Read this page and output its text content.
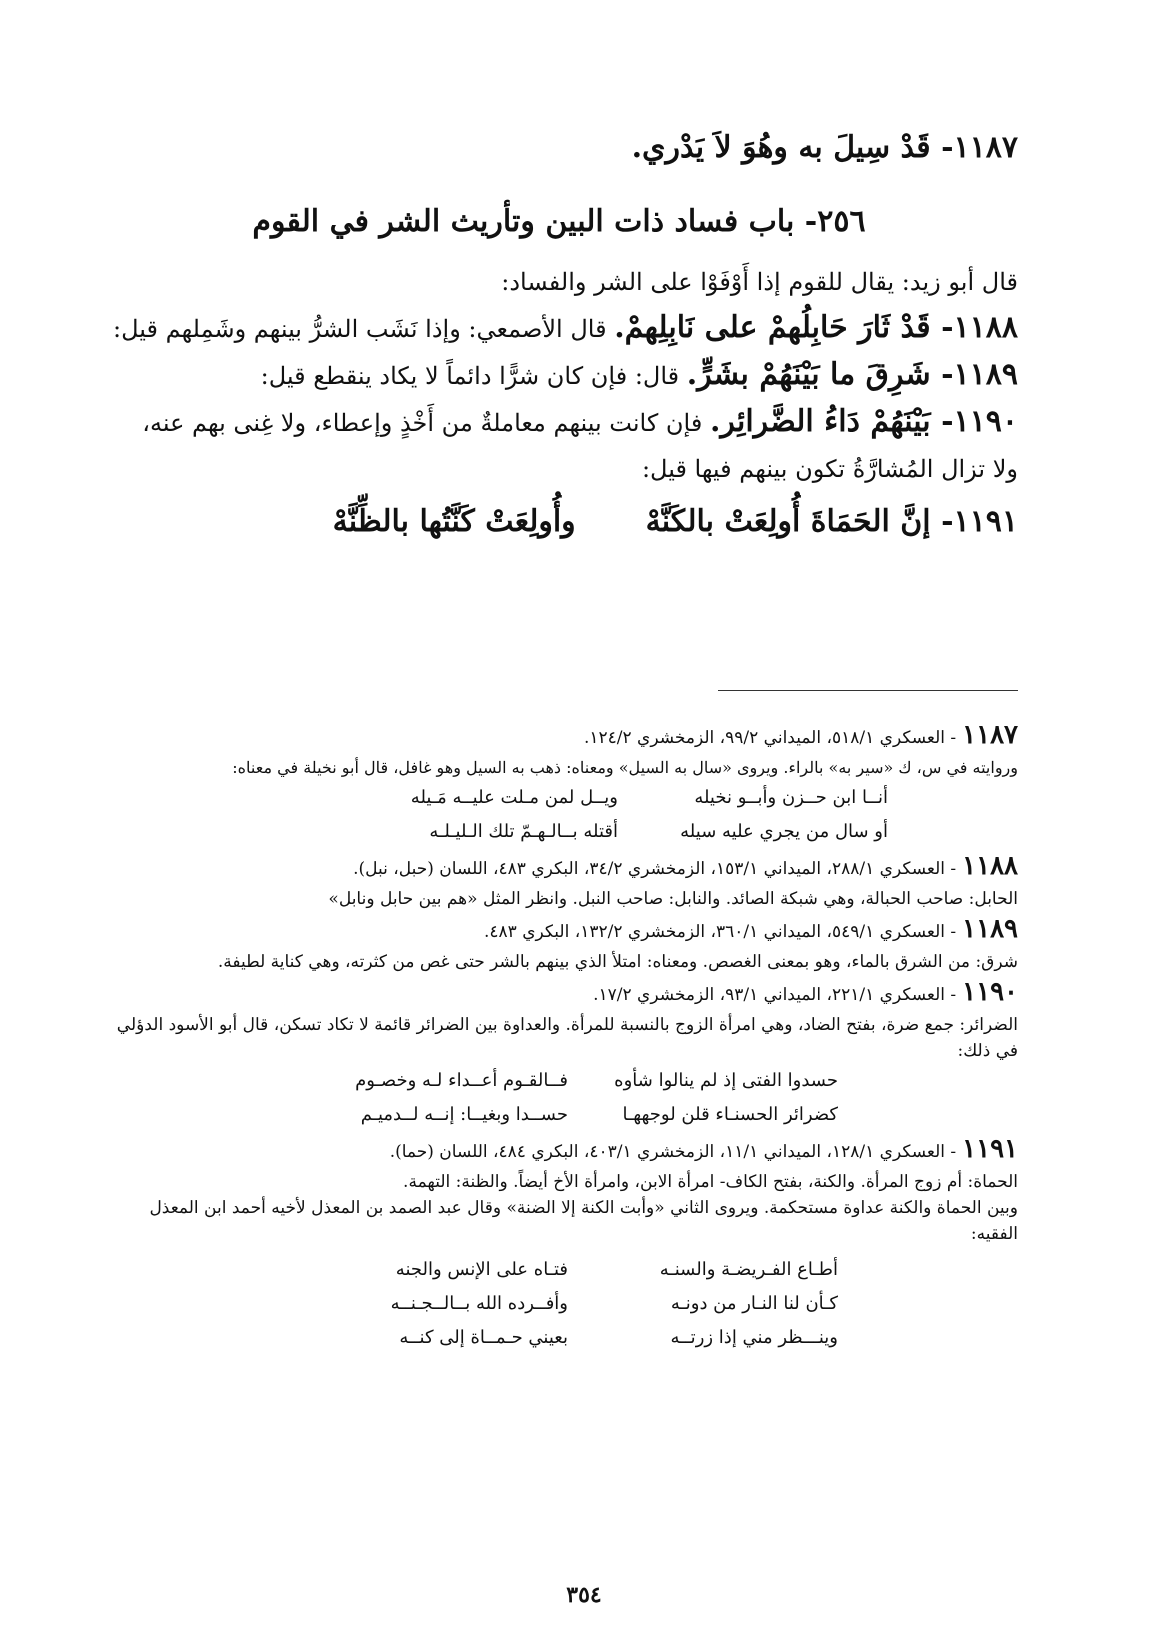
١١٨٧- قَدْ سِيلَ به وهُوَ لاَ يَدْري.

٢٥٦- باب فساد ذات البين وتأريث الشر في القوم

قال أبو زيد: يقال للقوم إذا أَوْفَوْا على الشر والفساد:

١١٨٨- قَدْ ثَارَ حَابِلُهمْ على نَابِلِهمْ. قال الأصمعي: وإذا نَشَب الشرُّ بينهم وشَمِلهم قيل:

١١٨٩- شَرِقَ ما بَيْنَهُمْ بشَرٍّ. قال: فإن كان شرًّا دائماً لا يكاد ينقطع قيل:

١١٩٠- بَيْنَهُمْ دَاءُ الضَّرائِر. فإن كانت بينهم معاملةٌ من أَخْذٍ وإعطاء، ولا غِنى بهم عنه،

ولا تزال المُشارَّةُ تكون بينهم فيها قيل:

١١٩١- إنَّ الحَمَاةَ أُولِعَتْ بالكَنَّهْ
وأُولِعَتْ كَنَّتُها بالظِّنَّهْ

١١٨٧- العسكري ٥١٨/١، الميداني ٩٩/٢، الزمخشري ١٢٤/٢.

وروايته في س، ك «سير به» بالراء. ويروى «سال به السيل» ومعناه: ذهب به السيل وهو غافل، قال أبو نخيلة في معناه:

أنــا ابن حــزن وأبــو نخيله
ويــل لمن مـلت عليــه مَـيله
أو سال من يجري عليه سيله
أقتله بــالـهـمّ تلك الـليـلـه

١١٨٨- العسكري ٢٨٨/١، الميداني ١٥٣/١، الزمخشري ٣٤/٢، البكري ٤٨٣، اللسان (حبل، نبل).

الحابل: صاحب الحبالة، وهي شبكة الصائد. والنابل: صاحب النبل. وانظر المثل «هم بين حابل ونابل»

١١٨٩- العسكري ٥٤٩/١، الميداني ٣٦٠/١، الزمخشري ١٣٢/٢، البكري ٤٨٣.

شرق: من الشرق بالماء، وهو بمعنى الغصص. ومعناه: امتلأ الذي بينهم بالشر حتى غص من كثرته، وهي كناية لطيفة.

١١٩٠- العسكري ٢٢١/١، الميداني ٩٣/١، الزمخشري ١٧/٢.

الضرائر: جمع ضرة، بفتح الضاد، وهي امرأة الزوج بالنسبة للمرأة. والعداوة بين الضرائر قائمة لا تكاد تسكن، قال أبو الأسود الدؤلي في ذلك:

حسدوا الفتى إذ لم ينالوا شأوه
فــالقـوم أعــداء لـه وخصـوم
كضرائر الحسنـاء قلن لوجههـا
حســدا وبغيــا: إنــه لــدميـم

١١٩١- العسكري ١٢٨/١، الميداني ١١/١، الزمخشري ٤٠٣/١، البكري ٤٨٤، اللسان (حما).

الحماة: أم زوج المرأة. والكنة، بفتح الكاف- امرأة الابن، وامرأة الأخ أيضاً. والظنة: التهمة.

وبين الحماة والكنة عداوة مستحكمة. ويروى الثاني «وأبت الكنة إلا الضنة» وقال عبد الصمد بن المعذل لأخيه أحمد ابن المعذل الفقيه:

أطـاع الفـريضـة والسنـه
فتـاه على الإنس والجنه
كـأن لنا النـار من دونـه
وأفــرده الله بــالــجـنــه
وينـــظر مني إذا زرتــه
بعيني حـمــاة إلى كنــه
٣٥٤
